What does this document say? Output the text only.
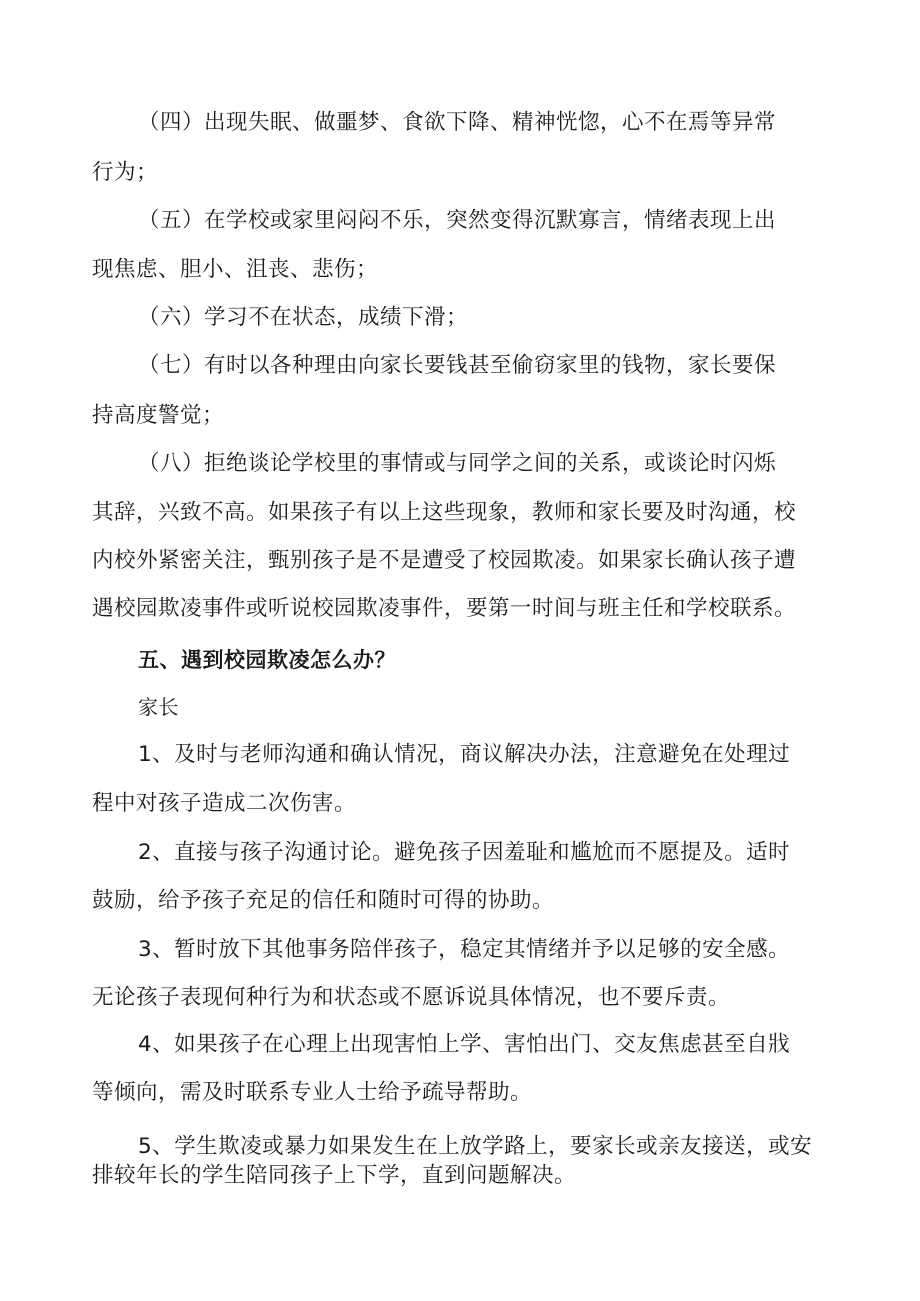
（四）出现失眠、做噩梦、食欲下降、精神恍惚，心不在焉等异常
行为；
（五）在学校或家里闷闷不乐，突然变得沉默寡言，情绪表现上出
现焦虑、胆小、沮丧、悲伤；
（六）学习不在状态，成绩下滑；
（七）有时以各种理由向家长要钱甚至偷窃家里的钱物，家长要保
持高度警觉；
（八）拒绝谈论学校里的事情或与同学之间的关系，或谈论时闪烁
其辞，兴致不高。如果孩子有以上这些现象，教师和家长要及时沟通，校
内校外紧密关注，甄别孩子是不是遭受了校园欺凌。如果家长确认孩子遭
遇校园欺凌事件或听说校园欺凌事件，要第一时间与班主任和学校联系。
五、遇到校园欺凌怎么办？
家长
1、及时与老师沟通和确认情况，商议解决办法，注意避免在处理过
程中对孩子造成二次伤害。
2、直接与孩子沟通讨论。避免孩子因羞耻和尴尬而不愿提及。适时
鼓励，给予孩子充足的信任和随时可得的协助。
3、暂时放下其他事务陪伴孩子，稳定其情绪并予以足够的安全感。
无论孩子表现何种行为和状态或不愿诉说具体情况，也不要斥责。
4、如果孩子在心理上出现害怕上学、害怕出门、交友焦虑甚至自戕
等倾向，需及时联系专业人士给予疏导帮助。
5、学生欺凌或暴力如果发生在上放学路上，要家长或亲友接送，或安
排较年长的学生陪同孩子上下学，直到问题解决。
